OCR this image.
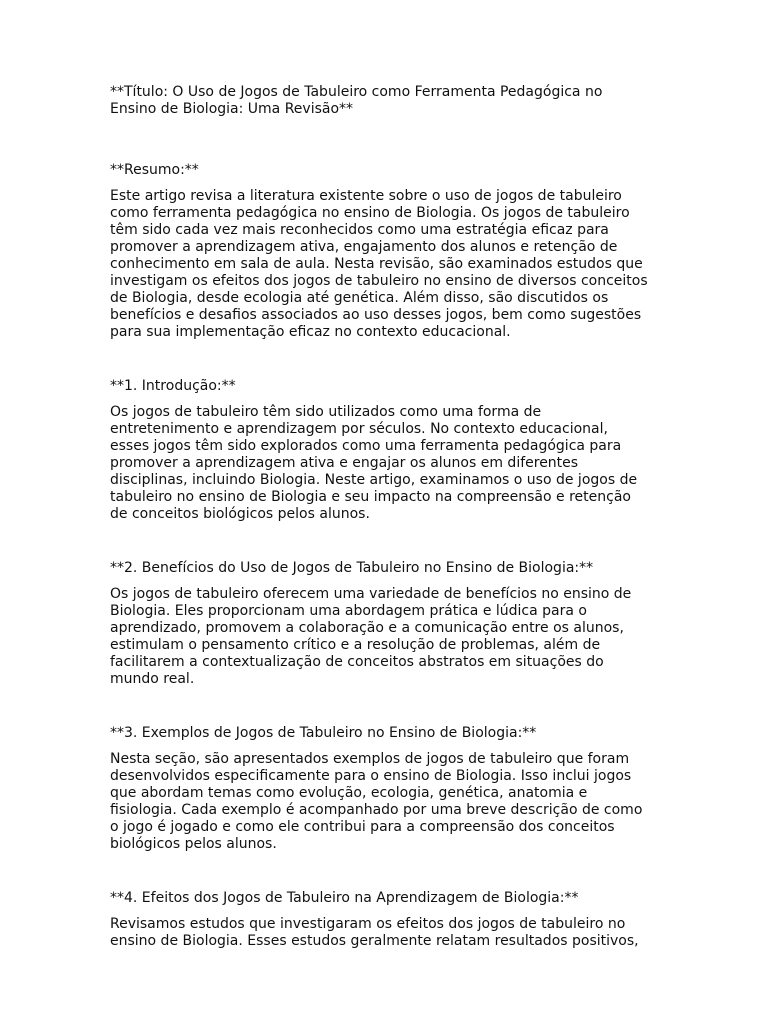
**Título: O Uso de Jogos de Tabuleiro como Ferramenta Pedagógica no
Ensino de Biologia: Uma Revisão**
**Resumo:**
Este artigo revisa a literatura existente sobre o uso de jogos de tabuleiro
como ferramenta pedagógica no ensino de Biologia. Os jogos de tabuleiro
têm sido cada vez mais reconhecidos como uma estratégia eficaz para
promover a aprendizagem ativa, engajamento dos alunos e retenção de
conhecimento em sala de aula. Nesta revisão, são examinados estudos que
investigam os efeitos dos jogos de tabuleiro no ensino de diversos conceitos
de Biologia, desde ecologia até genética. Além disso, são discutidos os
benefícios e desafios associados ao uso desses jogos, bem como sugestões
para sua implementação eficaz no contexto educacional.
**1. Introdução:**
Os jogos de tabuleiro têm sido utilizados como uma forma de
entretenimento e aprendizagem por séculos. No contexto educacional,
esses jogos têm sido explorados como uma ferramenta pedagógica para
promover a aprendizagem ativa e engajar os alunos em diferentes
disciplinas, incluindo Biologia. Neste artigo, examinamos o uso de jogos de
tabuleiro no ensino de Biologia e seu impacto na compreensão e retenção
de conceitos biológicos pelos alunos.
**2. Benefícios do Uso de Jogos de Tabuleiro no Ensino de Biologia:**
Os jogos de tabuleiro oferecem uma variedade de benefícios no ensino de
Biologia. Eles proporcionam uma abordagem prática e lúdica para o
aprendizado, promovem a colaboração e a comunicação entre os alunos,
estimulam o pensamento crítico e a resolução de problemas, além de
facilitarem a contextualização de conceitos abstratos em situações do
mundo real.
**3. Exemplos de Jogos de Tabuleiro no Ensino de Biologia:**
Nesta seção, são apresentados exemplos de jogos de tabuleiro que foram
desenvolvidos especificamente para o ensino de Biologia. Isso inclui jogos
que abordam temas como evolução, ecologia, genética, anatomia e
fisiologia. Cada exemplo é acompanhado por uma breve descrição de como
o jogo é jogado e como ele contribui para a compreensão dos conceitos
biológicos pelos alunos.
**4. Efeitos dos Jogos de Tabuleiro na Aprendizagem de Biologia:**
Revisamos estudos que investigaram os efeitos dos jogos de tabuleiro no
ensino de Biologia. Esses estudos geralmente relatam resultados positivos,
